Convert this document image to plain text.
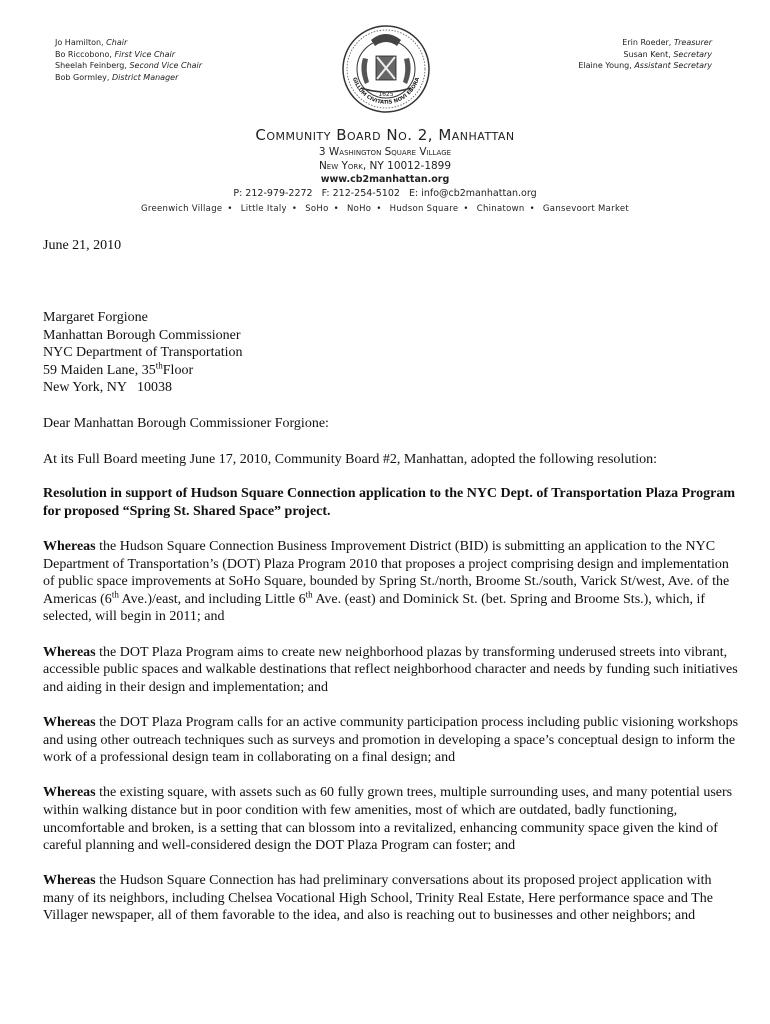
Jo Hamilton, Chair
Bo Riccobono, First Vice Chair
Sheelah Feinberg, Second Vice Chair
Bob Gormley, District Manager
1625
GILLUM CIVITATIS NOVI EBORA
Erin Roeder, Treasurer
Susan Kent, Secretary
Elaine Young, Assistant Secretary
Community Board No. 2, Manhattan
3 Washington Square Village
New York, NY 10012-1899
www.cb2manhattan.org
P: 212-979-2272   F: 212-254-5102   E: info@cb2manhattan.org
Greenwich Village • Little Italy • SoHo • NoHo • Hudson Square • Chinatown • Gansevoort Market
June 21, 2010
Margaret Forgione
Manhattan Borough Commissioner
NYC Department of Transportation
59 Maiden Lane, 35thFloor
New York, NY   10038
Dear Manhattan Borough Commissioner Forgione:
At its Full Board meeting June 17, 2010, Community Board #2, Manhattan, adopted the following resolution:
Resolution in support of Hudson Square Connection application to the NYC Dept. of Transportation Plaza Program for proposed “Spring St. Shared Space” project.

Whereas the Hudson Square Connection Business Improvement District (BID) is submitting an application to the NYC Department of Transportation’s (DOT) Plaza Program 2010 that proposes a project comprising design and implementation of public space improvements at SoHo Square, bounded by Spring St./north, Broome St./south, Varick St/west, Ave. of the Americas (6th Ave.)/east, and including Little 6th Ave. (east) and Dominick St. (bet. Spring and Broome Sts.), which, if selected, will begin in 2011; and

Whereas the DOT Plaza Program aims to create new neighborhood plazas by transforming underused streets into vibrant, accessible public spaces and walkable destinations that reflect neighborhood character and needs by funding such initiatives and aiding in their design and implementation; and

Whereas the DOT Plaza Program calls for an active community participation process including public visioning workshops and using other outreach techniques such as surveys and promotion in developing a space’s conceptual design to inform the work of a professional design team in collaborating on a final design; and

Whereas the existing square, with assets such as 60 fully grown trees, multiple surrounding uses, and many potential users within walking distance but in poor condition with few amenities, most of which are outdated, badly functioning, uncomfortable and broken, is a setting that can blossom into a revitalized, enhancing community space given the kind of careful planning and well-considered design the DOT Plaza Program can foster; and

Whereas the Hudson Square Connection has had preliminary conversations about its proposed project application with many of its neighbors, including Chelsea Vocational High School, Trinity Real Estate, Here performance space and The Villager newspaper, all of them favorable to the idea, and also is reaching out to businesses and other neighbors; and
